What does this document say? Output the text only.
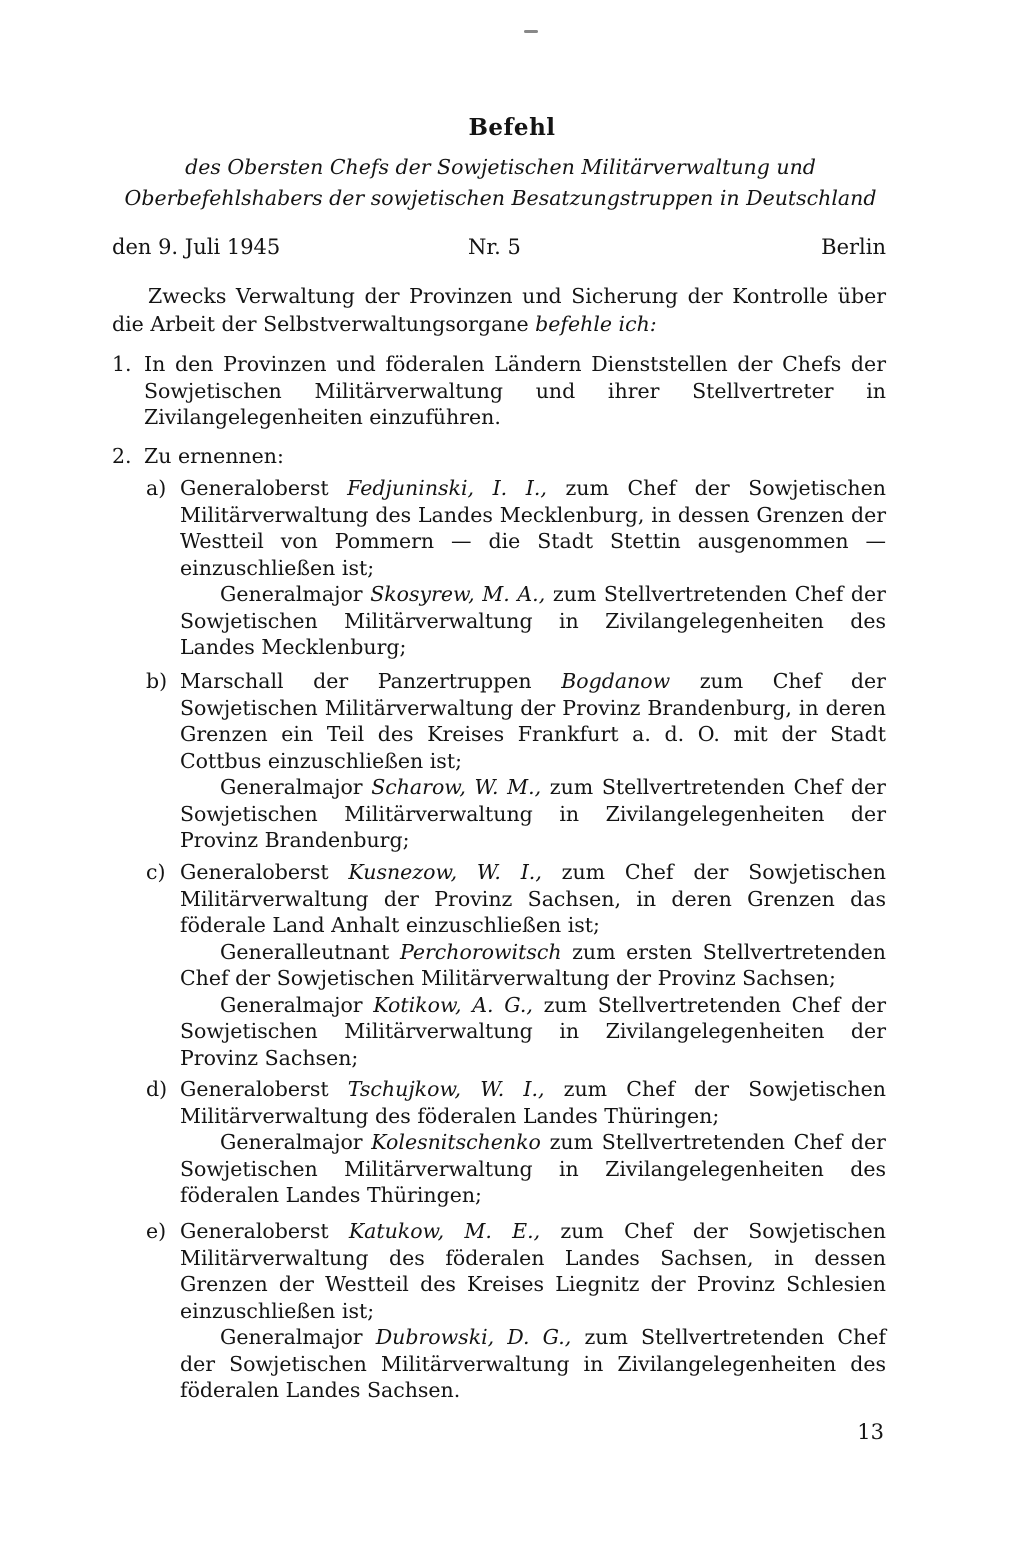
Befehl
des Obersten Chefs der Sowjetischen Militärverwaltung und Oberbefehlshabers der sowjetischen Besatzungstruppen in Deutschland
den 9. Juli 1945	Nr. 5	Berlin
Zwecks Verwaltung der Provinzen und Sicherung der Kontrolle über die Arbeit der Selbstverwaltungsorgane befehle ich:
1. In den Provinzen und föderalen Ländern Dienststellen der Chefs der Sowjetischen Militärverwaltung und ihrer Stellvertreter in Zivilangelegenheiten einzuführen.
2. Zu ernennen:
a) Generaloberst Fedjuninski, I. I., zum Chef der Sowjetischen Militärverwaltung des Landes Mecklenburg, in dessen Grenzen der Westteil von Pommern — die Stadt Stettin ausgenommen — einzuschließen ist;
Generalmajor Skosyrew, M. A., zum Stellvertretenden Chef der Sowjetischen Militärverwaltung in Zivilangelegenheiten des Landes Mecklenburg;
b) Marschall der Panzertruppen Bogdanow zum Chef der Sowjetischen Militärverwaltung der Provinz Brandenburg, in deren Grenzen ein Teil des Kreises Frankfurt a. d. O. mit der Stadt Cottbus einzuschließen ist;
Generalmajor Scharow, W. M., zum Stellvertretenden Chef der Sowjetischen Militärverwaltung in Zivilangelegenheiten der Provinz Brandenburg;
c) Generaloberst Kusnezow, W. I., zum Chef der Sowjetischen Militärverwaltung der Provinz Sachsen, in deren Grenzen das föderale Land Anhalt einzuschließen ist;
Generalleutnant Perchorowitsch zum ersten Stellvertretenden Chef der Sowjetischen Militärverwaltung der Provinz Sachsen;
Generalmajor Kotikow, A. G., zum Stellvertretenden Chef der Sowjetischen Militärverwaltung in Zivilangelegenheiten der Provinz Sachsen;
d) Generaloberst Tschujkow, W. I., zum Chef der Sowjetischen Militärverwaltung des föderalen Landes Thüringen;
Generalmajor Kolesnitschenko zum Stellvertretenden Chef der Sowjetischen Militärverwaltung in Zivilangelegenheiten des föderalen Landes Thüringen;
e) Generaloberst Katukow, M. E., zum Chef der Sowjetischen Militärverwaltung des föderalen Landes Sachsen, in dessen Grenzen der Westteil des Kreises Liegnitz der Provinz Schlesien einzuschließen ist;
Generalmajor Dubrowski, D. G., zum Stellvertretenden Chef der Sowjetischen Militärverwaltung in Zivilangelegenheiten des föderalen Landes Sachsen.
13
